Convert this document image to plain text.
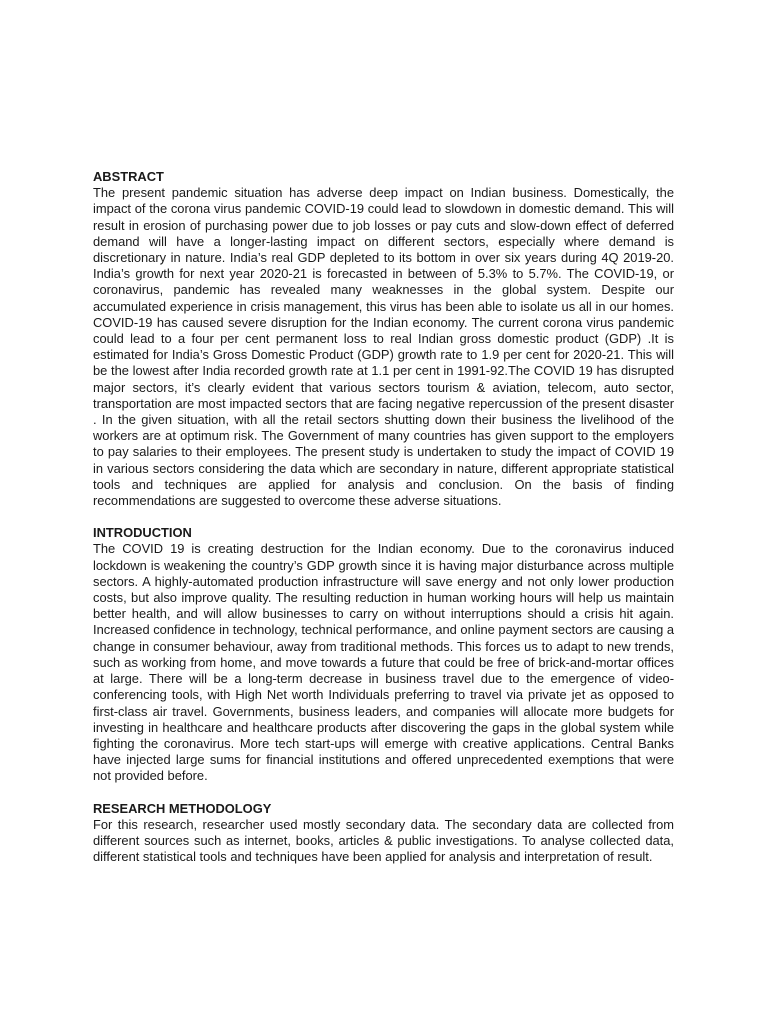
ABSTRACT

The present pandemic situation has adverse deep impact on Indian business. Domestically, the impact of the corona virus pandemic COVID-19 could lead to slowdown in domestic demand. This will result in erosion of purchasing power due to job losses or pay cuts and slow-down effect of deferred demand will have a longer-lasting impact on different sectors, especially where demand is discretionary in nature. India’s real GDP depleted to its bottom in over six years during 4Q 2019-20. India’s growth for next year 2020-21 is forecasted in between of 5.3% to 5.7%. The COVID-19, or coronavirus, pandemic has revealed many weaknesses in the global system. Despite our accumulated experience in crisis management, this virus has been able to isolate us all in our homes. COVID-19 has caused severe disruption for the Indian economy. The current corona virus pandemic could lead to a four per cent permanent loss to real Indian gross domestic product (GDP) .It is estimated for India’s Gross Domestic Product (GDP) growth rate to 1.9 per cent for 2020-21. This will be the lowest after India recorded growth rate at 1.1 per cent in 1991-92.The COVID 19 has disrupted major sectors, it’s clearly evident that various sectors tourism & aviation, telecom, auto sector, transportation are most impacted sectors that are facing negative repercussion of the present disaster . In the given situation, with all the retail sectors shutting down their business the livelihood of the workers are at optimum risk. The Government of many countries has given support to the employers to pay salaries to their employees. The present study is undertaken to study the impact of COVID 19 in various sectors considering the data which are secondary in nature, different appropriate statistical tools and techniques are applied for analysis and conclusion. On the basis of finding recommendations are suggested to overcome these adverse situations.

INTRODUCTION

The COVID 19 is creating destruction for the Indian economy. Due to the coronavirus induced lockdown is weakening the country’s GDP growth since it is having major disturbance across multiple sectors. A highly-automated production infrastructure will save energy and not only lower production costs, but also improve quality. The resulting reduction in human working hours will help us maintain better health, and will allow businesses to carry on without interruptions should a crisis hit again. Increased confidence in technology, technical performance, and online payment sectors are causing a change in consumer behaviour, away from traditional methods. This forces us to adapt to new trends, such as working from home, and move towards a future that could be free of brick-and-mortar offices at large. There will be a long-term decrease in business travel due to the emergence of video-conferencing tools, with High Net worth Individuals preferring to travel via private jet as opposed to first-class air travel. Governments, business leaders, and companies will allocate more budgets for investing in healthcare and healthcare products after discovering the gaps in the global system while fighting the coronavirus. More tech start-ups will emerge with creative applications. Central Banks have injected large sums for financial institutions and offered unprecedented exemptions that were not provided before.

RESEARCH METHODOLOGY

For this research, researcher used mostly secondary data. The secondary data are collected from different sources such as internet, books, articles & public investigations. To analyse collected data, different statistical tools and techniques have been applied for analysis and interpretation of result.
